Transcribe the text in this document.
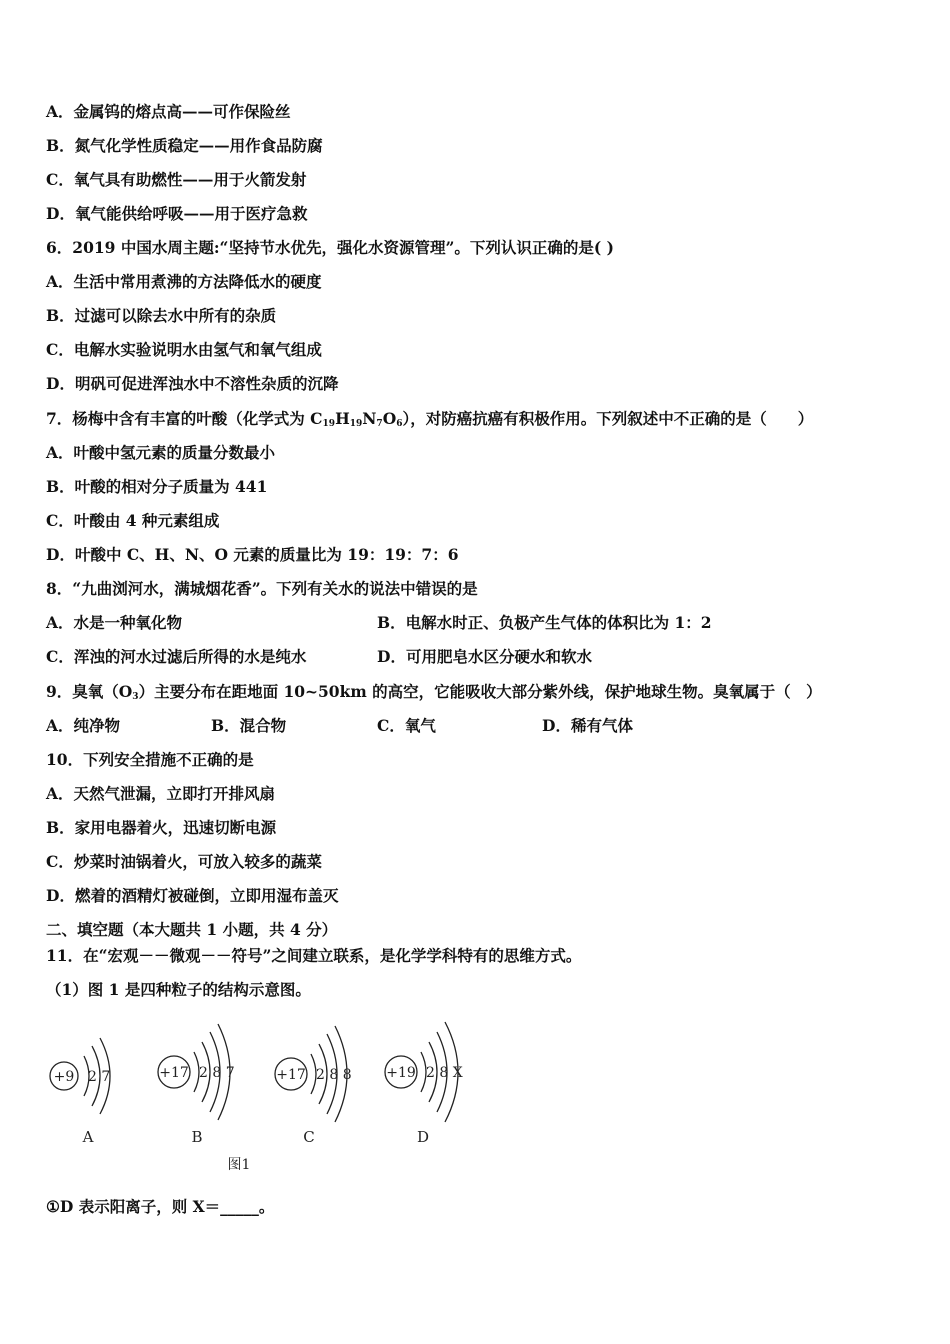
A．金属钨的熔点高——可作保险丝
B．氮气化学性质稳定——用作食品防腐
C．氧气具有助燃性——用于火箭发射
D．氧气能供给呼吸——用于医疗急救
6．2019 中国水周主题:“坚持节水优先，强化水资源管理”。下列认识正确的是( )
A．生活中常用煮沸的方法降低水的硬度
B．过滤可以除去水中所有的杂质
C．电解水实验说明水由氢气和氧气组成
D．明矾可促进浑浊水中不溶性杂质的沉降
7．杨梅中含有丰富的叶酸（化学式为 $C_{19}H_{19}N_7O_6$），对防癌抗癌有积极作用。下列叙述中不正确的是（　　）
A．叶酸中氢元素的质量分数最小
B．叶酸的相对分子质量为 441
C．叶酸由 4 种元素组成
D．叶酸中 C、H、N、O 元素的质量比为 19：19：7：6
8．“九曲浏河水，满城烟花香”。下列有关水的说法中错误的是
A．水是一种氧化物	B．电解水时正、负极产生气体的体积比为 1：2
C．浑浊的河水过滤后所得的水是纯水	D．可用肥皂水区分硬水和软水
9．臭氧$(O_3)$主要分布在距地面 10~50km 的高空，它能吸收大部分紫外线，保护地球生物。臭氧属于（　）
A．纯净物	B．混合物	C．氧气	D．稀有气体
10．下列安全措施不正确的是
A．天然气泄漏，立即打开排风扇
B．家用电器着火，迅速切断电源
C．炒菜时油锅着火，可放入较多的蔬菜
D．燃着的酒精灯被碰倒，立即用湿布盖灭
二、填空题（本大题共 1 小题，共 4 分）
11．在“宏观－－微观－－符号”之间建立联系，是化学学科特有的思维方式。
（1）图 1 是四种粒子的结构示意图。
+9 2 7	+17 2 8 7	+17 2 8 8 +19 2 8 X
A	B	C	D
图1
①D 表示阳离子，则 X＝_____。
